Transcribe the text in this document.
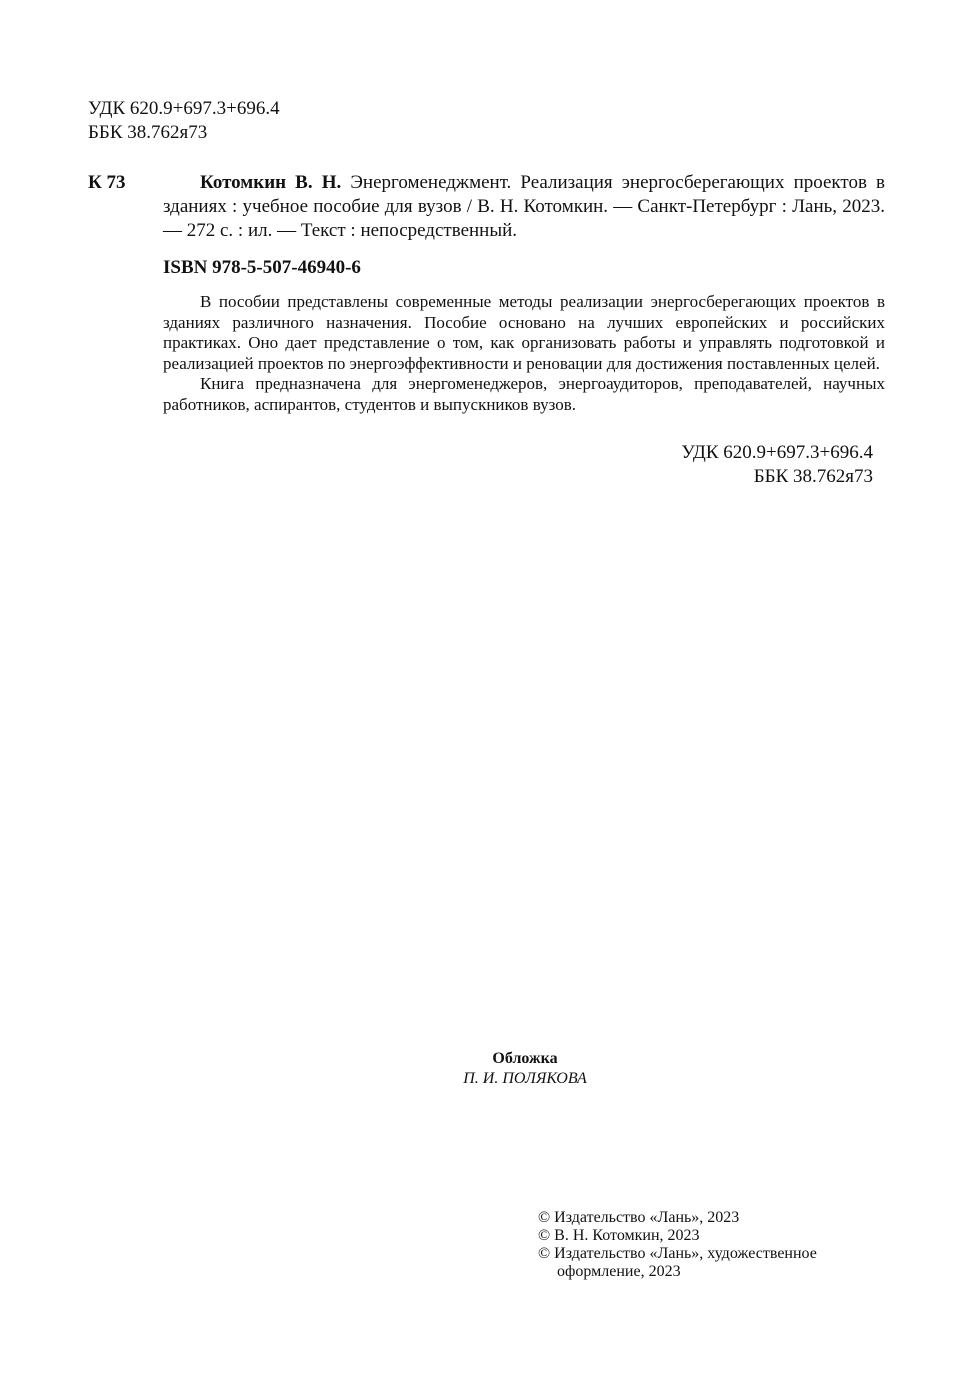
УДК 620.9+697.3+696.4
ББК 38.762я73
К 73	Котомкин В. Н. Энергоменеджмент. Реализация энергосберегающих проектов в зданиях : учебное пособие для вузов / В. Н. Котомкин. — Санкт-Петербург : Лань, 2023. — 272 с. : ил. — Текст : непосредственный.
ISBN 978-5-507-46940-6

В пособии представлены современные методы реализации энергосберегающих проектов в зданиях различного назначения. Пособие основано на лучших европейских и российских практиках. Оно дает представление о том, как организовать работы и управлять подготовкой и реализацией проектов по энергоэффективности и реновации для достижения поставленных целей.

Книга предназначена для энергоменеджеров, энергоаудиторов, преподавателей, научных работников, аспирантов, студентов и выпускников вузов.

УДК 620.9+697.3+696.4
ББК 38.762я73
Обложка
П. И. ПОЛЯКОВА
© Издательство «Лань», 2023
© В. Н. Котомкин, 2023
© Издательство «Лань», художественное
оформление, 2023
